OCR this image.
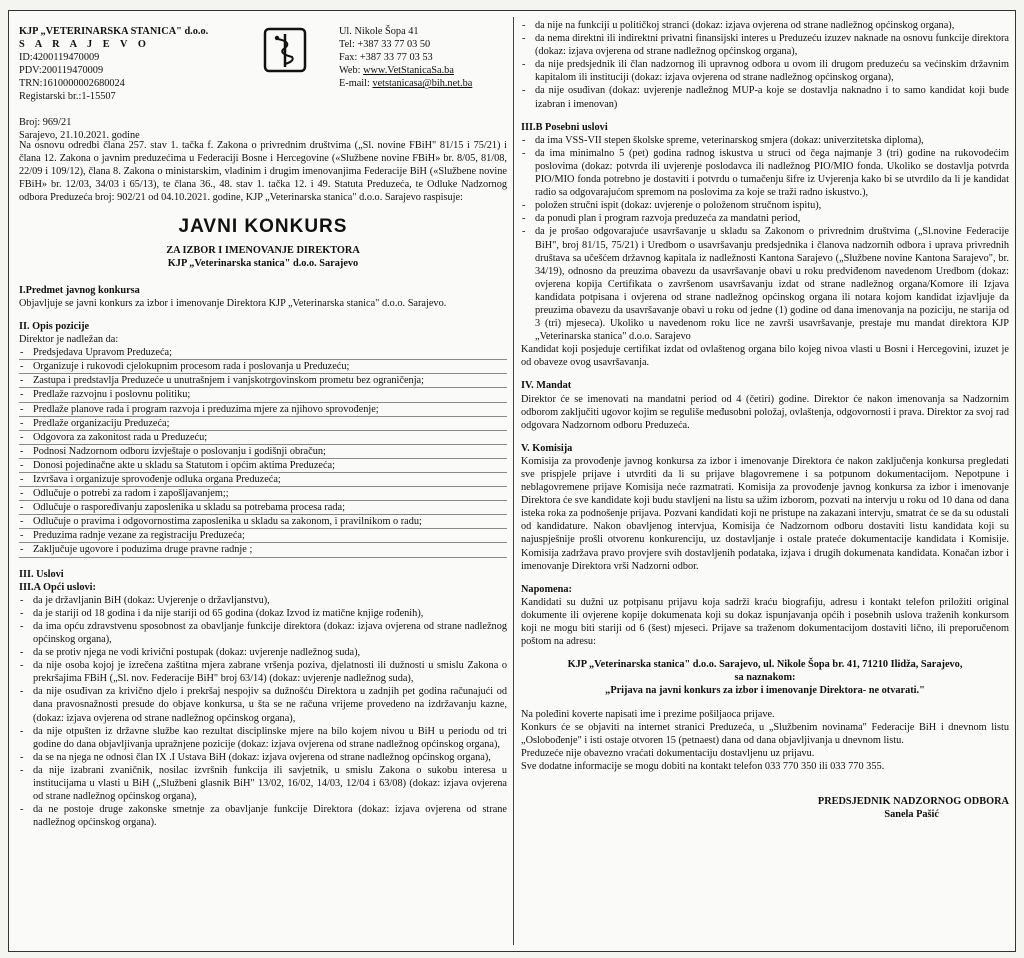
KJP „VETERINARSKA STANICA" d.o.o.
S A R A J E V O
ID:4200119470009
PDV:200119470009
TRN:1610000002680024
Registarski br.:1-15507
Broj: 969/21
Sarajevo, 21.10.2021. godine
Ul. Nikole Šopa 41
Tel: +387 33 77 03 50
Fax: +387 33 77 03 53
Web: www.VetStanicaSa.ba
E-mail: vetstanicasa@bih.net.ba

Na osnovu odredbi člana 257. stav 1. tačka f. Zakona o privrednim društvima („Sl. novine FBiH" 81/15 i 75/21) i člana 12. Zakona o javnim preduzećima u Federaciji Bosne i Hercegovine («Službene novine FBiH» br. 8/05, 81/08, 22/09 i 109/12), člana 8. Zakona o ministarskim, vladinim i drugim imenovanjima Federacije BiH («Službene novine FBiH» br. 12/03, 34/03 i 65/13), te člana 36., 48. stav 1. tačka 12. i 49. Statuta Preduzeća, te Odluke Nadzornog odbora Preduzeća broj: 902/21 od 04.10.2021. godine, KJP „Veterinarska stanica" d.o.o. Sarajevo raspisuje:

JAVNI KONKURS
ZA IZBOR I IMENOVANJE DIREKTORA
KJP „Veterinarska stanica" d.o.o. Sarajevo
I.Predmet javnog konkursa

Objavljuje se javni konkurs za izbor i imenovanje Direktora KJP „Veterinarska stanica" d.o.o. Sarajevo.

II. Opis pozicije
Direktor je nadležan da:
- Predsjedava Upravom Preduzeća;
- Organizuje i rukovodi cjelokupnim procesom rada i poslovanja u Preduzeću;
- Zastupa i predstavlja Preduzeće u unutrašnjem i vanjskotrgovinskom prometu bez ograničenja;
- Predlaže razvojnu i poslovnu politiku;
- Predlaže planove rada i program razvoja i preduzima mjere za njihovo sprovođenje;
- Predlaže organizaciju Preduzeća;
- Odgovora za zakonitost rada u Preduzeću;
- Podnosi Nadzornom odboru izvještaje o poslovanju i godišnji obračun;
- Donosi pojedinačne akte u skladu sa Statutom i općim aktima Preduzeća;
- Izvršava i organizuje sprovođenje odluka organa Preduzeća;
- Odlučuje o potrebi za radom i zapošljavanjem;;
- Odlučuje o raspoređivanju zaposlenika u skladu sa potrebama procesa rada;
- Odlučuje o pravima i odgovornostima zaposlenika u skladu sa zakonom, i pravilnikom o radu;
- Preduzima radnje vezane za registraciju Preduzeća;
- Zaključuje ugovore i poduzima druge pravne radnje ;
III. Uslovi
III.A Opći uslovi:
- da je državljanin BiH (dokaz: Uvjerenje o državljanstvu),
- da je stariji od 18 godina i da nije stariji od 65 godina (dokaz Izvod iz matične knjige rođenih),
- da ima opću zdravstvenu sposobnost za obavljanje funkcije direktora (dokaz: izjava ovjerena od strane nadležnog općinskog organa),
- da se protiv njega ne vodi krivični postupak (dokaz: uvjerenje nadležnog suda),
- da nije osoba kojoj je izrečena zaštitna mjera zabrane vršenja poziva, djelatnosti ili dužnosti u smislu Zakona o prekršajima FBiH („Sl. nov. Federacije BiH" broj 63/14) (dokaz: uvjerenje nadležnog suda),
- da nije osuđivan za krivično djelo i prekršaj nespojiv sa dužnošću Direktora u zadnjih pet godina računajući od dana pravosnažnosti presude do objave konkursa, u šta se ne računa vrijeme provedeno na izdržavanju kazne, (dokaz: izjava ovjerena od strane nadležnog općinskog organa),
- da nije otpušten iz državne službe kao rezultat disciplinske mjere na bilo kojem nivou u BiH u periodu od tri godine do dana objavljivanja upražnjene pozicije (dokaz: izjava ovjerena od strane nadležnog općinskog organa),
- da se na njega ne odnosi član IX .I Ustava BiH (dokaz: izjava ovjerena od strane nadležnog općinskog organa),
- da nije izabrani zvaničnik, nosilac izvršnih funkcija ili savjetnik, u smislu Zakona o sukobu interesa u institucijama u vlasti u BiH („Službeni glasnik BiH" 13/02, 16/02, 14/03, 12/04 i 63/08) (dokaz: izjava ovjerena od strane nadležnog općinskog organa),
- da ne postoje druge zakonske smetnje za obavljanje funkcije Direktora (dokaz: izjava ovjerena od strane nadležnog općinskog organa).
- da nije na funkciji u političkoj stranci (dokaz: izjava ovjerena od strane nadležnog općinskog organa),
- da nema direktni ili indirektni privatni finansijski interes u Preduzeću izuzev naknade na osnovu funkcije direktora (dokaz: izjava ovjerena od strane nadležnog općinskog organa),
- da nije predsjednik ili član nadzornog ili upravnog odbora u ovom ili drugom preduzeću sa većinskim državnim kapitalom ili instituciji (dokaz: izjava ovjerena od strane nadležnog općinskog organa),
- da nije osuđivan (dokaz: uvjerenje nadležnog MUP-a koje se dostavlja naknadno i to samo kandidat koji bude izabran i imenovan)
III.B Posebni uslovi
- da ima VSS-VII stepen školske spreme, veterinarskog smjera (dokaz: univerzitetska diploma),
- da ima minimalno 5 (pet) godina radnog iskustva u struci od čega najmanje 3 (tri) godine na rukovodećim poslovima (dokaz: potvrda ili uvjerenje poslodavca ili nadležnog PIO/MIO fonda. Ukoliko se dostavlja potvrda PIO/MIO fonda potrebno je dostaviti i potvrdu o tumačenju šifre iz Uvjerenja kako bi se utvrdilo da li je kandidat radio sa odgovarajućom spremom na poslovima za koje se traži radno iskustvo.),
- položen stručni ispit (dokaz: uvjerenje o položenom stručnom ispitu),
- da ponudi plan i program razvoja preduzeća za mandatni period,
- da je prošao odgovarajuće usavršavanje u skladu sa Zakonom o privrednim društvima („Sl.novine Federacije BiH", broj 81/15, 75/21) i Uredbom o usavršavanju predsjednika i članova nadzornih odbora i uprava privrednih društava sa učešćem državnog kapitala iz nadležnosti Kantona Sarajevo („Službene novine Kantona Sarajevo", br. 34/19), odnosno da preuzima obavezu da usavršavanje obavi u roku predviđenom navedenom Uredbom (dokaz: ovjerena kopija Certifikata o završenom usavršavanju izdat od strane nadležnog organa/Komore ili Izjava kandidata potpisana i ovjerena od strane nadležnog općinskog organa ili notara kojom kandidat izjavljuje da preuzima obavezu da usavršavanje obavi u roku od jedne (1) godine od dana imenovanja na poziciju, ne starija od 3 (tri) mjeseca). Ukoliko u navedenom roku lice ne završi usavršavanje, prestaje mu mandat direktora KJP „Veterinarska stanica" d.o.o. Sarajevo

Kandidat koji posjeduje certifikat izdat od ovlaštenog organa bilo kojeg nivoa vlasti u Bosni i Hercegovini, izuzet je od obaveze ovog usavršavanja.

IV. Mandat

Direktor će se imenovati na mandatni period od 4 (četiri) godine. Direktor će nakon imenovanja sa Nadzornim odborom zaključiti ugovor kojim se reguliše međusobni položaj, ovlaštenja, odgovornosti i prava. Direktor za svoj rad odgovara Nadzornom odboru Preduzeća.

V. Komisija

Komisija za provođenje javnog konkursa za izbor i imenovanje Direktora će nakon zaključenja konkursa pregledati sve prispjele prijave i utvrditi da li su prijave blagovremene i sa potpunom dokumentacijom. Nepotpune i neblagovremene prijave Komisija neće razmatrati. Komisija za provođenje javnog konkursa za izbor i imenovanje Direktora će sve kandidate koji budu stavljeni na listu sa užim izborom, pozvati na intervju u roku od 10 dana od dana isteka roka za podnošenje prijava. Pozvani kandidati koji ne pristupe na zakazani intervju, smatrat će se da su odustali od kandidature. Nakon obavljenog intervjua, Komisija će Nadzornom odboru dostaviti listu kandidata koji su najuspješnije prošli otvorenu konkurenciju, uz dostavljanje i ostale prateće dokumentacije kandidata i Komisije. Komisija zadržava pravo provjere svih dostavljenih podataka, izjava i drugih dokumenata kandidata. Konačan izbor i imenovanje Direktora vrši Nadzorni odbor.

Napomena:

Kandidati su dužni uz potpisanu prijavu koja sadrži kraću biografiju, adresu i kontakt telefon priložiti original dokumente ili ovjerene kopije dokumenata koji su dokaz ispunjavanja općih i posebnih uslova traženih konkursom koji ne mogu biti stariji od 6 (šest) mjeseci. Prijave sa traženom dokumentacijom dostaviti lično, ili preporučenom poštom na adresu:

KJP „Veterinarska stanica" d.o.o. Sarajevo, ul. Nikole Šopa br. 41, 71210 Ilidža, Sarajevo,
sa naznakom:
„Prijava na javni konkurs za izbor i imenovanje Direktora- ne otvarati."
Na poleđini koverte napisati ime i prezime pošiljaoca prijave.

Konkurs će se objaviti na internet stranici Preduzeća, u „Službenim novinama" Federacije BiH i dnevnom listu „Oslobođenje" i isti ostaje otvoren 15 (petnaest) dana od dana objavljivanja u dnevnom listu.

Preduzeće nije obavezno vraćati dokumentaciju dostavljenu uz prijavu.
Sve dodatne informacije se mogu dobiti na kontakt telefon 033 770 350 ili 033 770 355.
PREDSJEDNIK NADZORNOG ODBORA
Sanela Pašić
